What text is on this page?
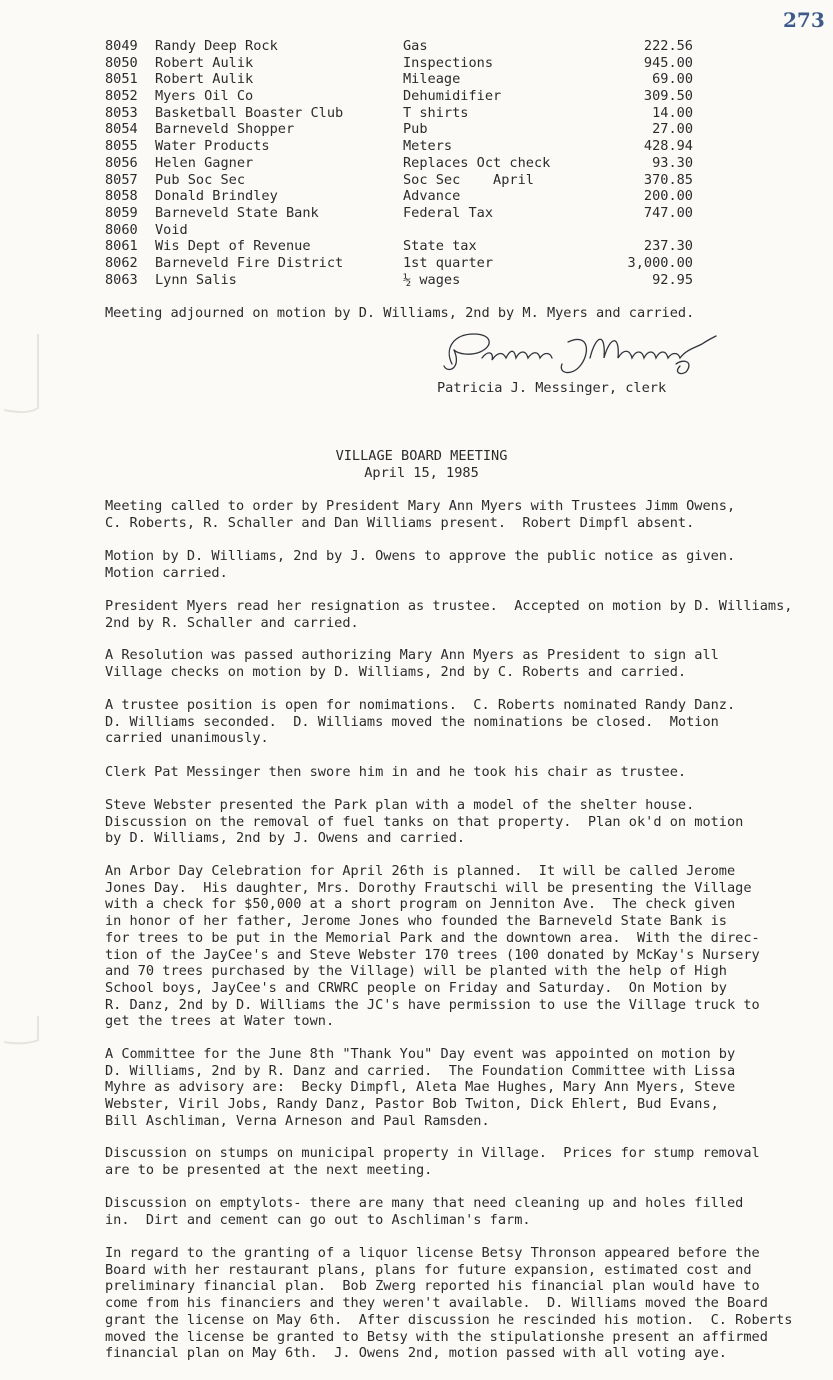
273
8049 Randy Deep Rock	Gas	222.56
8050 Robert Aulik	Inspections	945.00
8051 Robert Aulik	Mileage	69.00
8052 Myers Oil Co	Dehumidifier	309.50
8053 Basketball Boaster Club	T shirts	14.00
8054 Barneveld Shopper	Pub	27.00
8055 Water Products	Meters	428.94
8056 Helen Gagner	Replaces Oct check	93.30
8057 Pub Soc Sec	Soc Sec    April	370.85
8058 Donald Brindley	Advance	200.00
8059 Barneveld State Bank	Federal Tax	747.00
8060 Void
8061 Wis Dept of Revenue	State tax	237.30
8062 Barneveld Fire District	1st quarter	3,000.00
8063 Lynn Salis	½ wages	92.95
Meeting adjourned on motion by D. Williams, 2nd by M. Myers and carried.
Patricia J. Messinger, clerk
VILLAGE BOARD MEETING
April 15, 1985
Meeting called to order by President Mary Ann Myers with Trustees Jimm Owens,
C. Roberts, R. Schaller and Dan Williams present.  Robert Dimpfl absent.
Motion by D. Williams, 2nd by J. Owens to approve the public notice as given.
Motion carried.
President Myers read her resignation as trustee.  Accepted on motion by D. Williams,
2nd by R. Schaller and carried.
A Resolution was passed authorizing Mary Ann Myers as President to sign all
Village checks on motion by D. Williams, 2nd by C. Roberts and carried.
A trustee position is open for nomimations.  C. Roberts nominated Randy Danz.
D. Williams seconded.  D. Williams moved the nominations be closed.  Motion
carried unanimously.
Clerk Pat Messinger then swore him in and he took his chair as trustee.
Steve Webster presented the Park plan with a model of the shelter house.
Discussion on the removal of fuel tanks on that property.  Plan ok'd on motion
by D. Williams, 2nd by J. Owens and carried.
An Arbor Day Celebration for April 26th is planned.  It will be called Jerome
Jones Day.  His daughter, Mrs. Dorothy Frautschi will be presenting the Village
with a check for $50,000 at a short program on Jenniton Ave.  The check given
in honor of her father, Jerome Jones who founded the Barneveld State Bank is
for trees to be put in the Memorial Park and the downtown area.  With the direc-
tion of the JayCee's and Steve Webster 170 trees (100 donated by McKay's Nursery
and 70 trees purchased by the Village) will be planted with the help of High
School boys, JayCee's and CRWRC people on Friday and Saturday.  On Motion by
R. Danz, 2nd by D. Williams the JC's have permission to use the Village truck to
get the trees at Water town.
A Committee for the June 8th "Thank You" Day event was appointed on motion by
D. Williams, 2nd by R. Danz and carried.  The Foundation Committee with Lissa
Myhre as advisory are:  Becky Dimpfl, Aleta Mae Hughes, Mary Ann Myers, Steve
Webster, Viril Jobs, Randy Danz, Pastor Bob Twiton, Dick Ehlert, Bud Evans,
Bill Aschliman, Verna Arneson and Paul Ramsden.
Discussion on stumps on municipal property in Village.  Prices for stump removal
are to be presented at the next meeting.
Discussion on emptylots- there are many that need cleaning up and holes filled
in.  Dirt and cement can go out to Aschliman's farm.
In regard to the granting of a liquor license Betsy Thronson appeared before the
Board with her restaurant plans, plans for future expansion, estimated cost and
preliminary financial plan.  Bob Zwerg reported his financial plan would have to
come from his financiers and they weren't available.  D. Williams moved the Board
grant the license on May 6th.  After discussion he rescinded his motion.  C. Roberts
moved the license be granted to Betsy with the stipulationshe present an affirmed
financial plan on May 6th.  J. Owens 2nd, motion passed with all voting aye.
